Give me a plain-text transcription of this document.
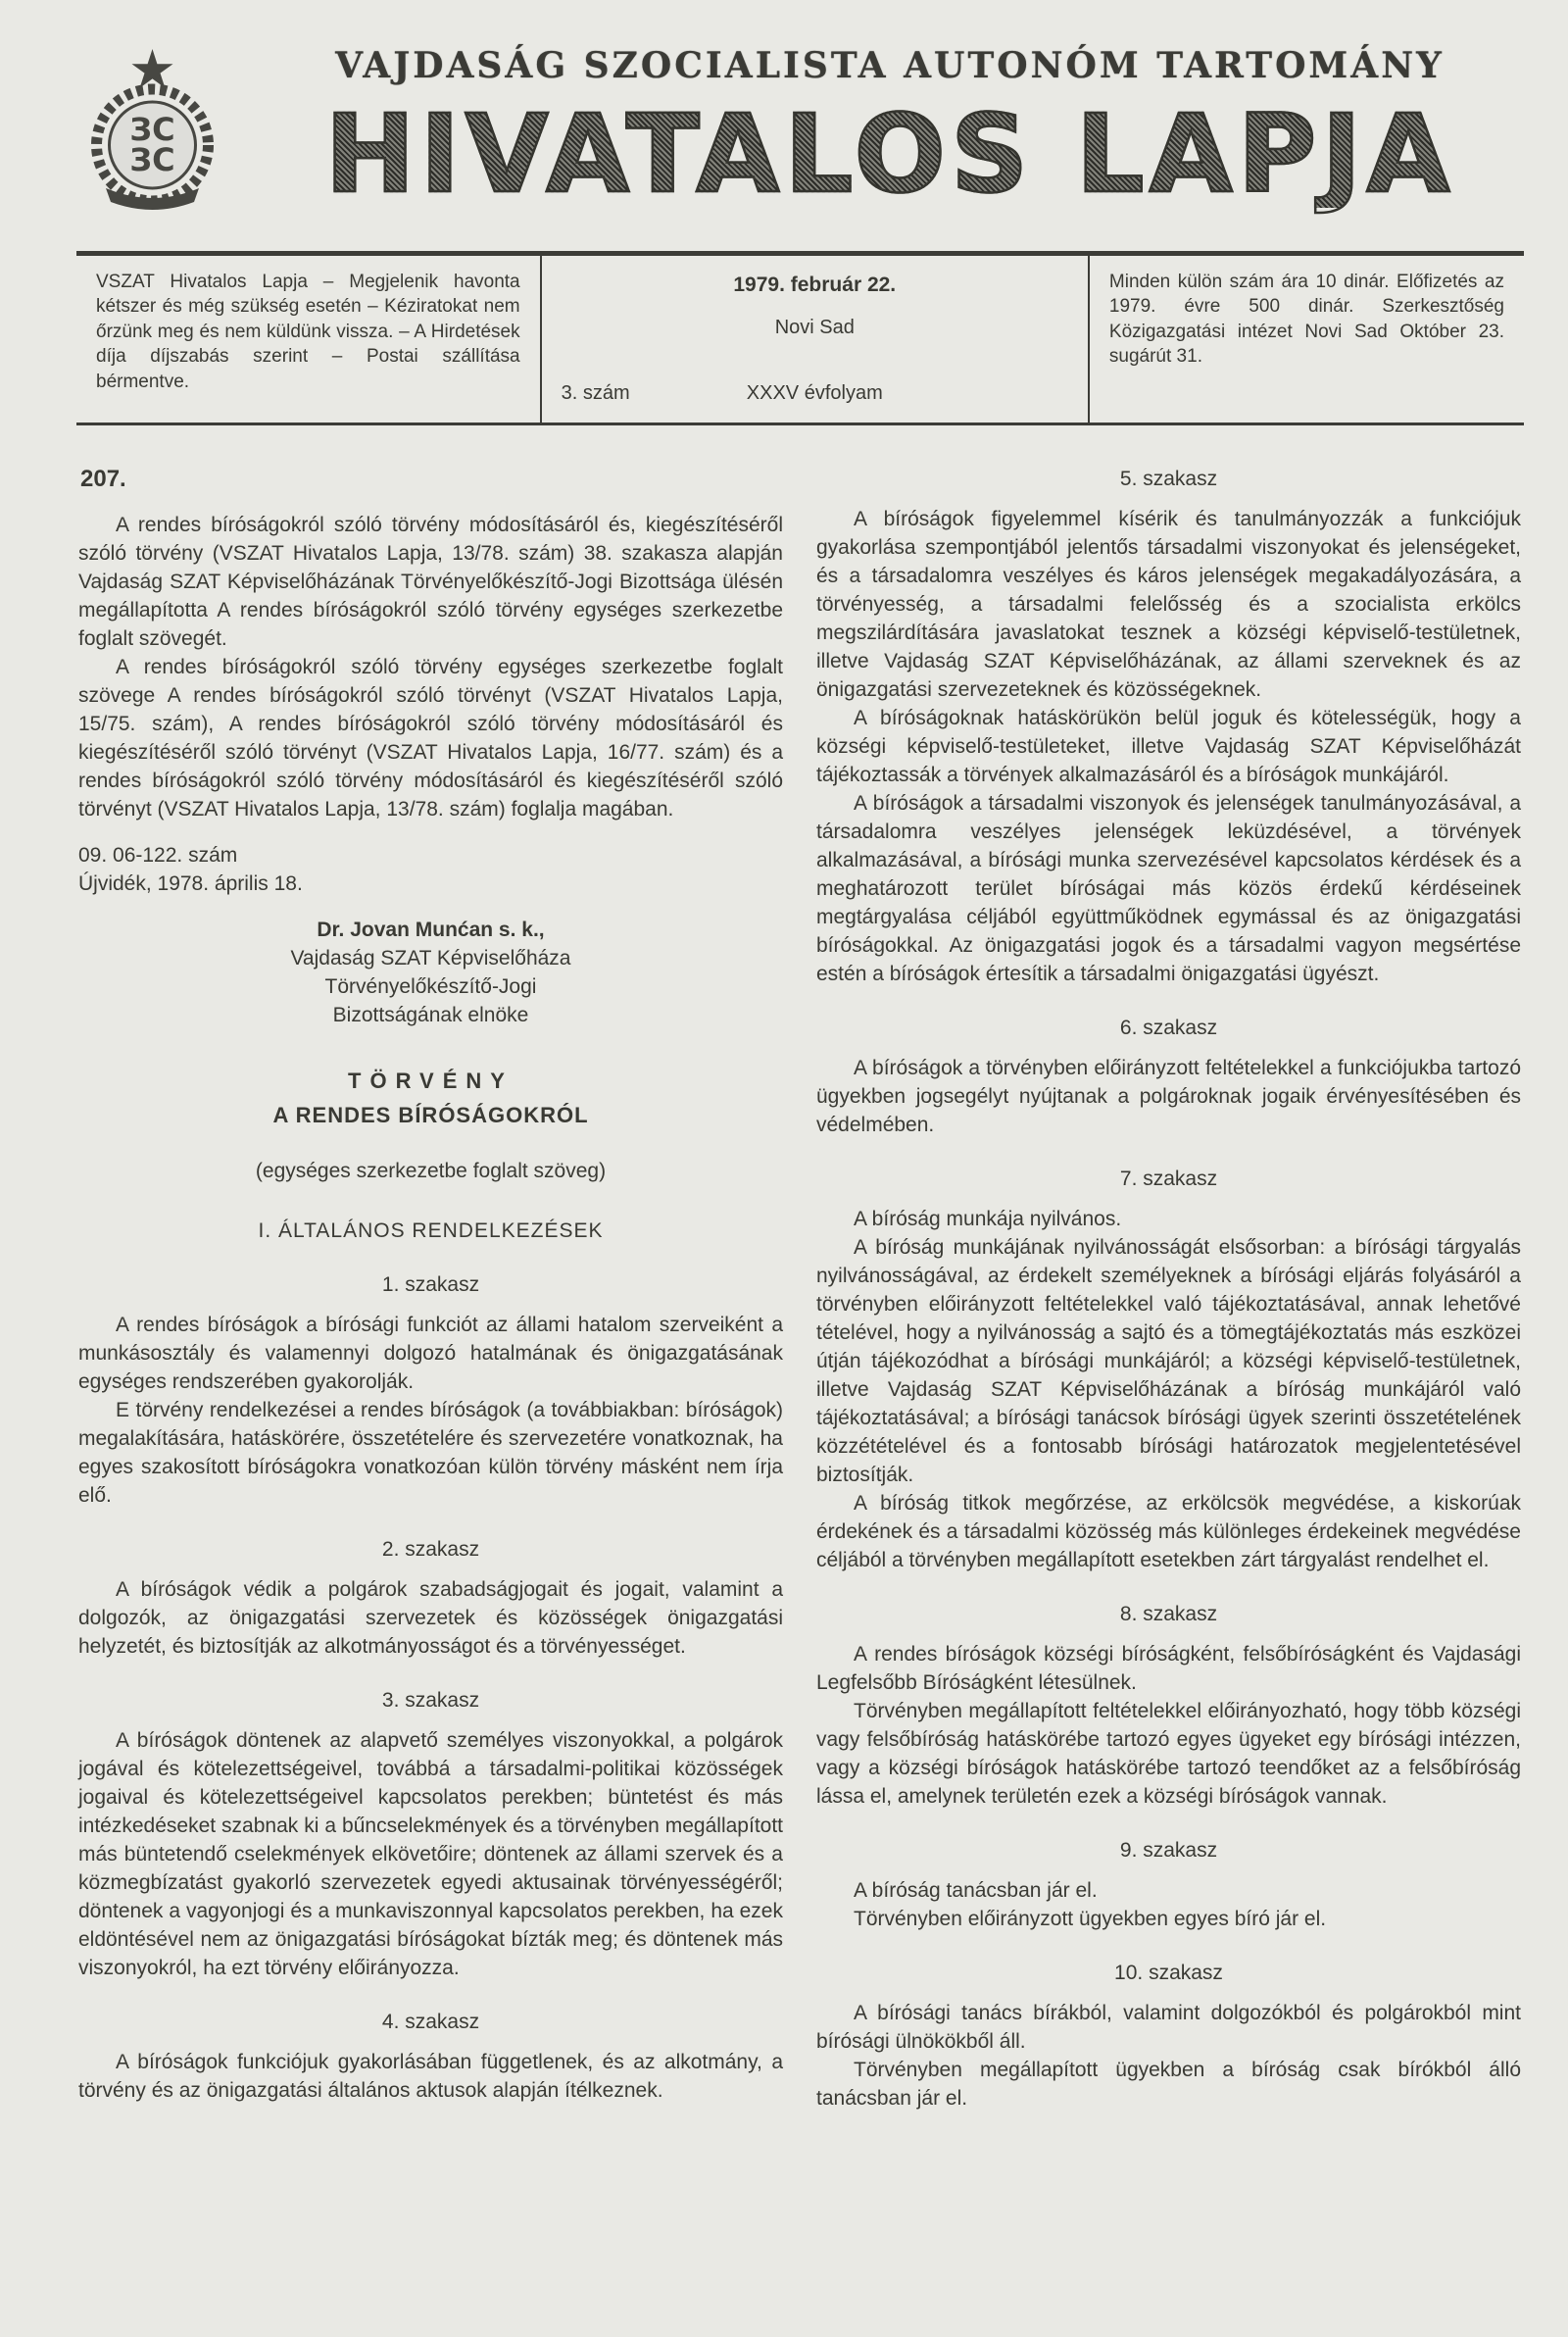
ЗС
ЗС
VAJDASÁG SZOCIALISTA AUTONÓM TARTOMÁNY
HIVATALOS LAPJA
VSZAT Hivatalos Lapja – Megjelenik havonta kétszer és még szükség esetén – Kéziratokat nem őrzünk meg és nem küldünk vissza. – A Hirdetések díja díjszabás szerint – Postai szállítása bérmentve.
1979. február 22.
Novi Sad
3. szám	XXXV évfolyam
Minden külön szám ára 10 dinár. Előfizetés az 1979. évre 500 dinár. Szerkesztőség Közigazgatási intézet Novi Sad Október 23. sugárút 31.
207.
A rendes bíróságokról szóló törvény módosításáról és, kiegészítéséről szóló törvény (VSZAT Hivatalos Lapja, 13/78. szám) 38. szakasza alapján Vajdaság SZAT Képviselőházának Törvényelőkészítő-Jogi Bizottsága ülésén megállapította A rendes bíróságokról szóló törvény egységes szerkezetbe foglalt szövegét.
A rendes bíróságokról szóló törvény egységes szerkezetbe foglalt szövege A rendes bíróságokról szóló törvényt (VSZAT Hivatalos Lapja, 15/75. szám), A rendes bíróságokról szóló törvény módosításáról és kiegészítéséről szóló törvényt (VSZAT Hivatalos Lapja, 16/77. szám) és a rendes bíróságokról szóló törvény módosításáról és kiegészítéséről szóló törvényt (VSZAT Hivatalos Lapja, 13/78. szám) foglalja magában.
09. 06-122. szám
Újvidék, 1978. április 18.
Dr. Jovan Munćan s. k.,
Vajdaság SZAT Képviselőháza
Törvényelőkészítő-Jogi
Bizottságának elnöke
TÖRVÉNY
A RENDES BÍRÓSÁGOKRÓL
(egységes szerkezetbe foglalt szöveg)
I. ÁLTALÁNOS RENDELKEZÉSEK
1. szakasz
A rendes bíróságok a bírósági funkciót az állami hatalom szerveiként a munkásosztály és valamennyi dolgozó hatalmának és önigazgatásának egységes rendszerében gyakorolják.
E törvény rendelkezései a rendes bíróságok (a továbbiakban: bíróságok) megalakítására, hatáskörére, összetételére és szervezetére vonatkoznak, ha egyes szakosított bíróságokra vonatkozóan külön törvény másként nem írja elő.
2. szakasz
A bíróságok védik a polgárok szabadságjogait és jogait, valamint a dolgozók, az önigazgatási szervezetek és közösségek önigazgatási helyzetét, és biztosítják az alkotmányosságot és a törvényességet.
3. szakasz
A bíróságok döntenek az alapvető személyes viszonyokkal, a polgárok jogával és kötelezettségeivel, továbbá a társadalmi-politikai közösségek jogaival és kötelezettségeivel kapcsolatos perekben; büntetést és más intézkedéseket szabnak ki a bűncselekmények és a törvényben megállapított más büntetendő cselekmények elkövetőire; döntenek az állami szervek és a közmegbízatást gyakorló szervezetek egyedi aktusainak törvényességéről; döntenek a vagyonjogi és a munkaviszonnyal kapcsolatos perekben, ha ezek eldöntésével nem az önigazgatási bíróságokat bízták meg; és döntenek más viszonyokról, ha ezt törvény előirányozza.
4. szakasz
A bíróságok funkciójuk gyakorlásában függetlenek, és az alkotmány, a törvény és az önigazgatási általános aktusok alapján ítélkeznek.
5. szakasz
A bíróságok figyelemmel kísérik és tanulmányozzák a funkciójuk gyakorlása szempontjából jelentős társadalmi viszonyokat és jelenségeket, és a társadalomra veszélyes és káros jelenségek megakadályozására, a törvényesség, a társadalmi felelősség és a szocialista erkölcs megszilárdítására javaslatokat tesznek a községi képviselő-testületnek, illetve Vajdaság SZAT Képviselőházának, az állami szerveknek és az önigazgatási szervezeteknek és közösségeknek.
A bíróságoknak hatáskörükön belül joguk és kötelességük, hogy a községi képviselő-testületeket, illetve Vajdaság SZAT Képviselőházát tájékoztassák a törvények alkalmazásáról és a bíróságok munkájáról.
A bíróságok a társadalmi viszonyok és jelenségek tanulmányozásával, a társadalomra veszélyes jelenségek leküzdésével, a törvények alkalmazásával, a bírósági munka szervezésével kapcsolatos kérdések és a meghatározott terület bíróságai más közös érdekű kérdéseinek megtárgyalása céljából együttműködnek egymással és az önigazgatási bíróságokkal. Az önigazgatási jogok és a társadalmi vagyon megsértése estén a bíróságok értesítik a társadalmi önigazgatási ügyészt.
6. szakasz
A bíróságok a törvényben előirányzott feltételekkel a funkciójukba tartozó ügyekben jogsegélyt nyújtanak a polgároknak jogaik érvényesítésében és védelmében.
7. szakasz
A bíróság munkája nyilvános.
A bíróság munkájának nyilvánosságát elsősorban: a bírósági tárgyalás nyilvánosságával, az érdekelt személyeknek a bírósági eljárás folyásáról a törvényben előirányzott feltételekkel való tájékoztatásával, annak lehetővé tételével, hogy a nyilvánosság a sajtó és a tömegtájékoztatás más eszközei útján tájékozódhat a bírósági munkájáról; a községi képviselő-testületnek, illetve Vajdaság SZAT Képviselőházának a bíróság munkájáról való tájékoztatásával; a bírósági tanácsok bírósági ügyek szerinti összetételének közzétételével és a fontosabb bírósági határozatok megjelentetésével biztosítják.
A bíróság titkok megőrzése, az erkölcsök megvédése, a kiskorúak érdekének és a társadalmi közösség más különleges érdekeinek megvédése céljából a törvényben megállapított esetekben zárt tárgyalást rendelhet el.
8. szakasz
A rendes bíróságok községi bíróságként, felsőbíróságként és Vajdasági Legfelsőbb Bíróságként létesülnek.
Törvényben megállapított feltételekkel előirányozható, hogy több községi vagy felsőbíróság hatáskörébe tartozó egyes ügyeket egy bírósági intézzen, vagy a községi bíróságok hatáskörébe tartozó teendőket az a felsőbíróság lássa el, amelynek területén ezek a községi bíróságok vannak.
9. szakasz
A bíróság tanácsban jár el.
Törvényben előirányzott ügyekben egyes bíró jár el.
10. szakasz
A bírósági tanács bírákból, valamint dolgozókból és polgárokból mint bírósági ülnökökből áll.
Törvényben megállapított ügyekben a bíróság csak bírókból álló tanácsban jár el.
